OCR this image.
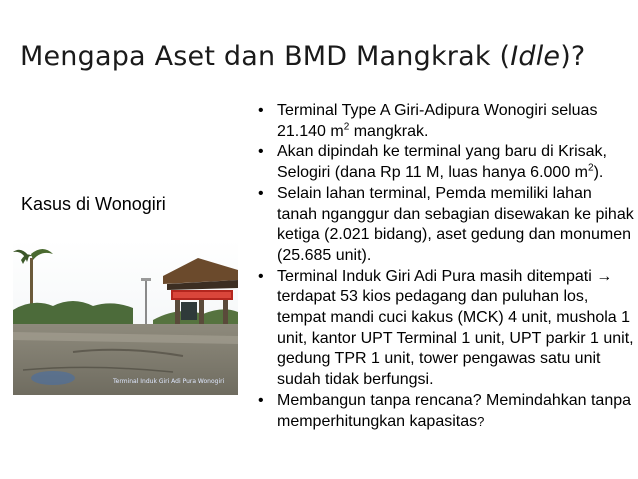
Mengapa Aset dan BMD Mangkrak (Idle)?
Kasus di Wonogiri
Terminal Induk Giri Adi Pura Wonogiri
• Terminal Type A Giri-Adipura Wonogiri seluas 21.140 $m^2$ mangkrak.
• Akan dipindah ke terminal yang baru di Krisak, Selogiri (dana Rp 11 M, luas hanya 6.000 $m^2$).
• Selain lahan terminal, Pemda memiliki lahan tanah nganggur dan sebagian disewakan ke pihak ketiga (2.021 bidang), aset gedung dan monumen (25.685 unit).
• Terminal Induk Giri Adi Pura masih ditempati → terdapat 53 kios pedagang dan puluhan los, tempat mandi cuci kakus (MCK) 4 unit, mushola 1 unit, kantor UPT Terminal 1 unit, UPT parkir 1 unit, gedung TPR 1 unit, tower pengawas satu unit sudah tidak berfungsi.
• Membangun tanpa rencana? Memindahkan tanpa memperhitungkan kapasitas?
